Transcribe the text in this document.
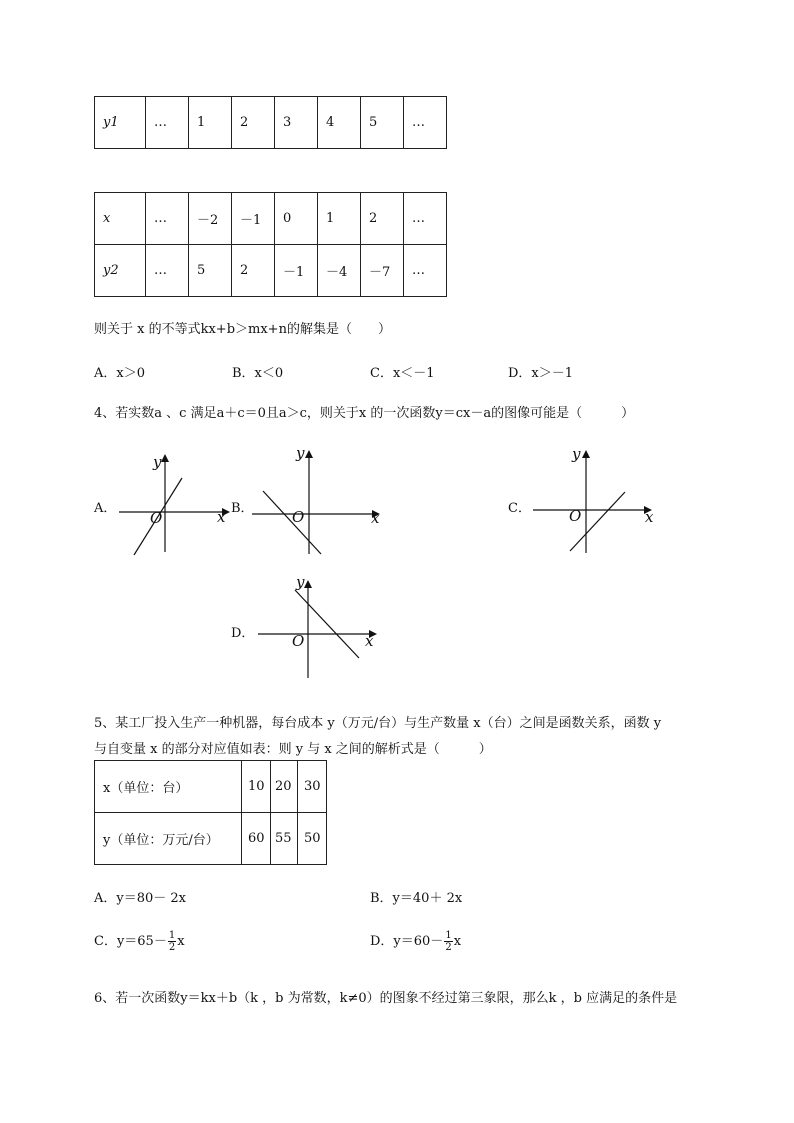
y1	…	1	2	3	4	5	…
x	…	－2	－1	0	1	2	…
y2	…	5	2	－1	－4	－7	…
则关于 x 的不等式kx+b＞mx+n的解集是（　　）
A．x＞0	B．x＜0	C．x＜－1	D．x＞－1
4、若实数a 、c 满足a＋c＝0且a＞c，则关于x 的一次函数y＝cx－a的图像可能是（　　　）
A．
y
x
O
B．
y
x
O	C．
y
x
O
D．
y
x
O
5、某工厂投入生产一种机器，每台成本 y（万元/台）与生产数量 x（台）之间是函数关系，函数 y
与自变量 x 的部分对应值如表：则 y 与 x 之间的解析式是（　　　）
x（单位：台）	10	20	30
y（单位：万元/台）	60	55	50
A．y＝80－ 2x	B．y＝40＋ 2x
C．$y=65- \frac{1}{2}$ x	D．$y=60- \frac{1}{2}$ x
6、若一次函数y＝kx＋b（k ，b 为常数，k≠0）的图象不经过第三象限，那么k ，b 应满足的条件是
